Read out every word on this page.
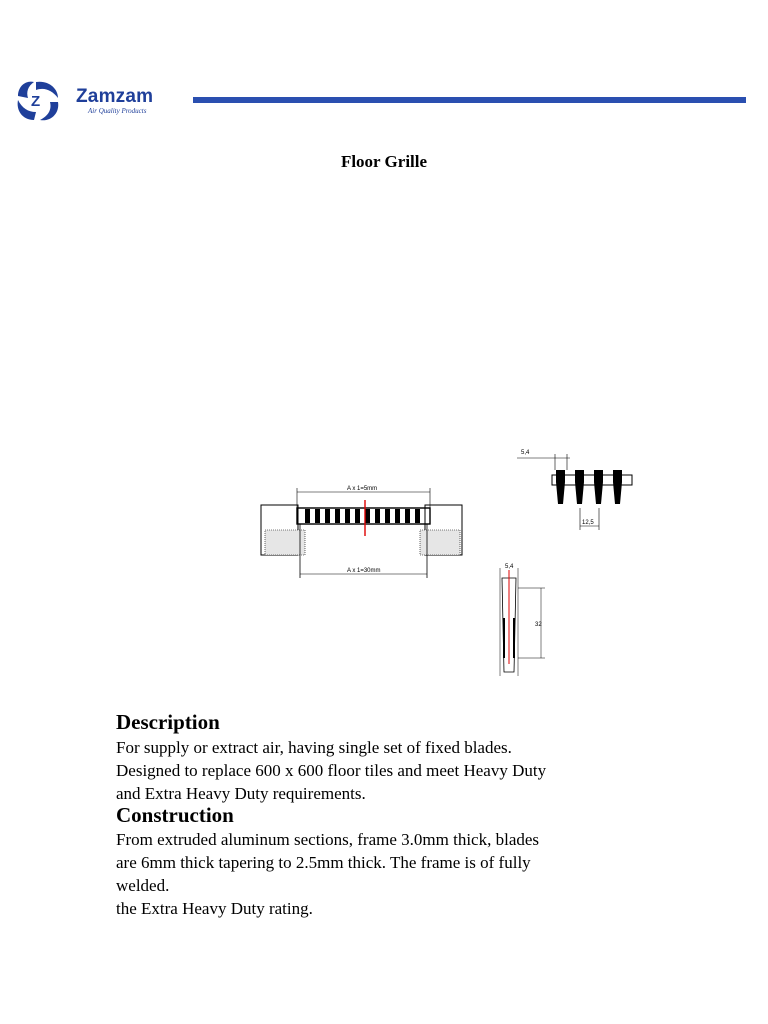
Z Zamzam
Air Quality Products
Floor Grille
A x 1=5mm
A x 1=30mm
5,4
12,5
5,4
32
Description
For supply or extract air, having single set of fixed blades.
Designed to replace 600 x 600 floor tiles and meet Heavy Duty
and Extra Heavy Duty requirements.
Construction
From extruded aluminum sections, frame 3.0mm thick, blades
are 6mm thick tapering to 2.5mm thick. The frame is of fully
welded.
the Extra Heavy Duty rating.
